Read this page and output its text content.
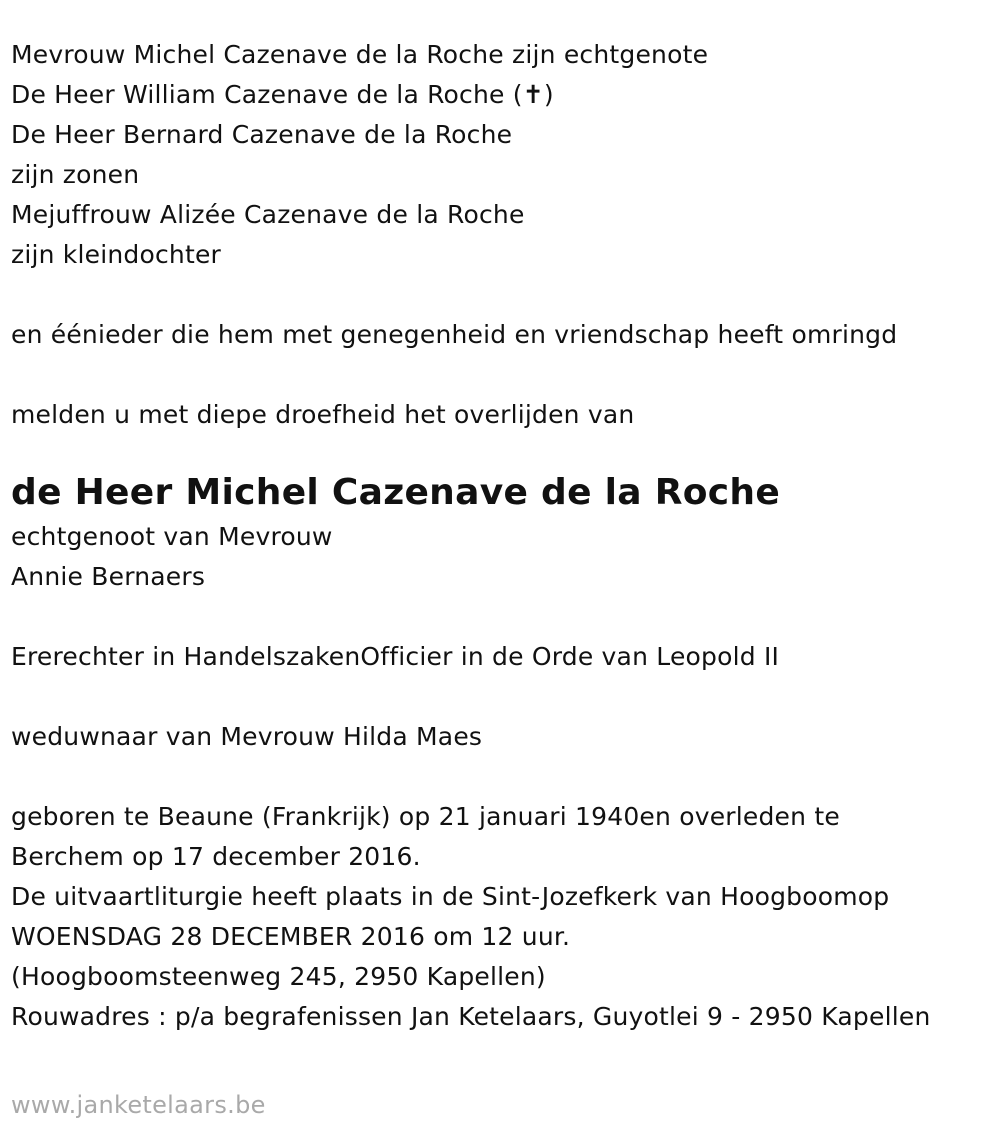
Mevrouw Michel Cazenave de la Roche zijn echtgenote
De Heer William Cazenave de la Roche (✝)
De Heer Bernard Cazenave de la Roche
zijn zonen
Mejuffrouw Alizée Cazenave de la Roche
zijn kleindochter
en éénieder die hem met genegenheid en vriendschap heeft omringd
melden u met diepe droefheid het overlijden van
de Heer Michel Cazenave de la Roche
echtgenoot van Mevrouw
Annie Bernaers
Ererechter in HandelszakenOfficier in de Orde van Leopold II
weduwnaar van Mevrouw Hilda Maes
geboren te Beaune (Frankrijk) op 21 januari 1940en overleden te
Berchem op 17 december 2016.
De uitvaartliturgie heeft plaats in de Sint-Jozefkerk van Hoogboomop
WOENSDAG 28 DECEMBER 2016 om 12 uur.
(Hoogboomsteenweg 245, 2950 Kapellen)
Rouwadres : p/a begrafenissen Jan Ketelaars, Guyotlei 9 - 2950 Kapellen
www.janketelaars.be
